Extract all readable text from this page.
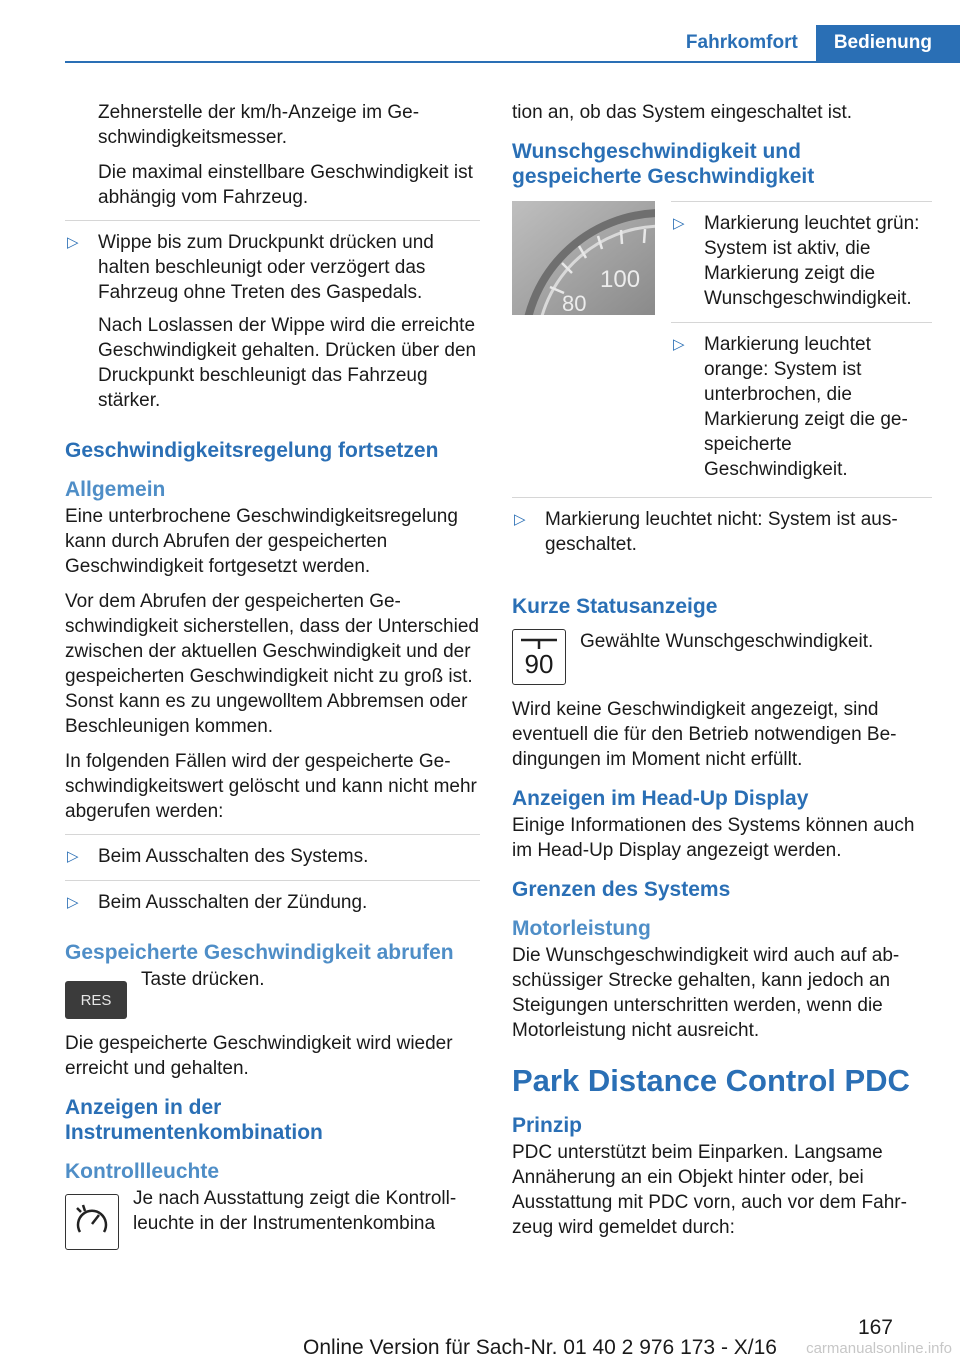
Fahrkomfort	Bedienung

Zehnerstelle der km/h-Anzeige im Geschwindigkeitsmesser.

Die maximal einstellbare Geschwindigkeit ist abhängig vom Fahrzeug.

▷ Wippe bis zum Druckpunkt drücken und halten beschleunigt oder verzögert das Fahrzeug ohne Treten des Gaspedals.

Nach Loslassen der Wippe wird die erreichte Geschwindigkeit gehalten. Drücken über den Druckpunkt beschleunigt das Fahrzeug stärker.

Geschwindigkeitsregelung fortsetzen
Allgemein

Eine unterbrochene Geschwindigkeitsregelung kann durch Abrufen der gespeicherten Geschwindigkeit fortgesetzt werden.

Vor dem Abrufen der gespeicherten Geschwindigkeit sicherstellen, dass der Unterschied zwischen der aktuellen Geschwindigkeit und der gespeicherten Geschwindigkeit nicht zu groß ist. Sonst kann es zu ungewolltem Abbremsen oder Beschleunigen kommen.

In folgenden Fällen wird der gespeicherte Geschwindigkeitswert gelöscht und kann nicht mehr abgerufen werden:

▷ Beim Ausschalten des Systems.

▷ Beim Ausschalten der Zündung.

Gespeicherte Geschwindigkeit abrufen
RES

Taste drücken.

Die gespeicherte Geschwindigkeit wird wieder erreicht und gehalten.

Anzeigen in der Instrumentenkombination
Kontrollleuchte

Je nach Ausstattung zeigt die Kontrollleuchte in der Instrumentenkombina

tion an, ob das System eingeschaltet ist.

Wunschgeschwindigkeit und gespeicherte Geschwindigkeit
100
80
▷ Markierung leuchtet grün: System ist aktiv, die Markierung zeigt die Wunschgeschwindigkeit.

▷ Markierung leuchtet orange: System ist unterbrochen, die Markierung zeigt die gespeicherte Geschwindigkeit.

▷ Markierung leuchtet nicht: System ist ausgeschaltet.

Kurze Statusanzeige
90

Gewählte Wunschgeschwindigkeit.

Wird keine Geschwindigkeit angezeigt, sind eventuell die für den Betrieb notwendigen Bedingungen im Moment nicht erfüllt.

Anzeigen im Head-Up Display

Einige Informationen des Systems können auch im Head-Up Display angezeigt werden.

Grenzen des Systems
Motorleistung

Die Wunschgeschwindigkeit wird auch auf abschüssiger Strecke gehalten, kann jedoch an Steigungen unterschritten werden, wenn die Motorleistung nicht ausreicht.

Park Distance Control PDC
Prinzip

PDC unterstützt beim Einparken. Langsame Annäherung an ein Objekt hinter oder, bei Ausstattung mit PDC vorn, auch vor dem Fahrzeug wird gemeldet durch:

167
Online Version für Sach-Nr. 01 40 2 976 173 - X/16	carmanualsonline.info
